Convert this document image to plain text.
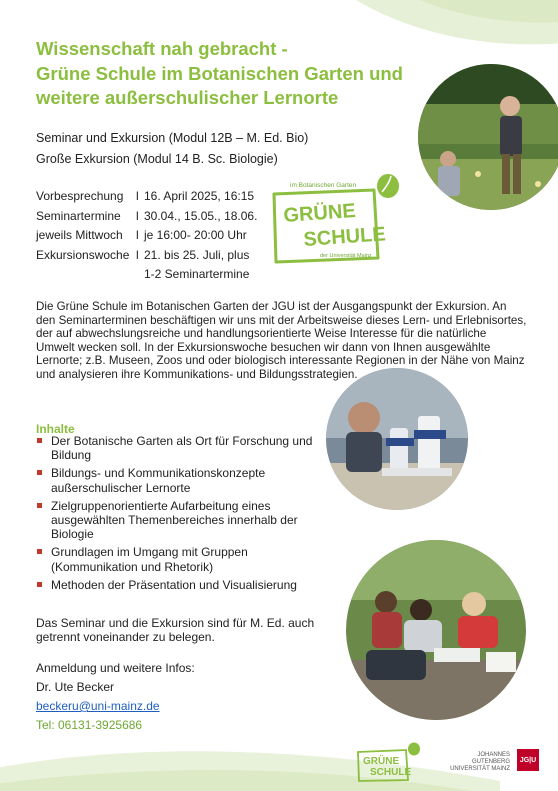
Wissenschaft nah gebracht -
Grüne Schule im Botanischen Garten und
weitere außerschulischer Lernorte
Seminar und Exkursion (Modul 12B – M. Ed. Bio)
Große Exkursion (Modul 14 B. Sc. Biologie)
Vorbesprechung	l 16. April 2025, 16:15
Seminartermine	l 30.04., 15.05., 18.06.
jeweils Mittwoch	l je 16:00- 20:00 Uhr
Exkursionswoche l 21. bis 25. Juli, plus
1-2 Seminartermine
im Botanischen Garten
GRÜNE
SCHULE
der Universität Mainz
Die Grüne Schule im Botanischen Garten der JGU ist der Ausgangspunkt der Exkursion. An den Seminarterminen beschäftigen wir uns mit der Arbeitsweise dieses Lern- und Erlebnisortes, der auf abwechslungsreiche und handlungsorientierte Weise Interesse für die natürliche Umwelt wecken soll. In der Exkursionswoche besuchen wir dann von Ihnen ausgewählte Lernorte; z.B. Museen, Zoos und oder biologisch interessante Regionen in der Nähe von Mainz und analysieren ihre Kommunikations- und Bildungsstrategien.
Inhalte
Der Botanische Garten als Ort für Forschung und Bildung
Bildungs- und Kommunikationskonzepte außerschulischer Lernorte
Zielgruppenorientierte Aufarbeitung eines ausgewählten Themenbereiches innerhalb der Biologie
Grundlagen im Umgang mit Gruppen (Kommunikation und Rhetorik)
Methoden der Präsentation und Visualisierung
Das Seminar und die Exkursion sind für M. Ed. auch getrennt voneinander zu belegen.
Anmeldung und weitere Infos:
Dr. Ute Becker
beckeru@uni-mainz.de
Tel: 06131-3925686
GRÜNE
SCHULE
JOHANNES GUTENBERG
UNIVERSITÄT MAINZ
JG|U
